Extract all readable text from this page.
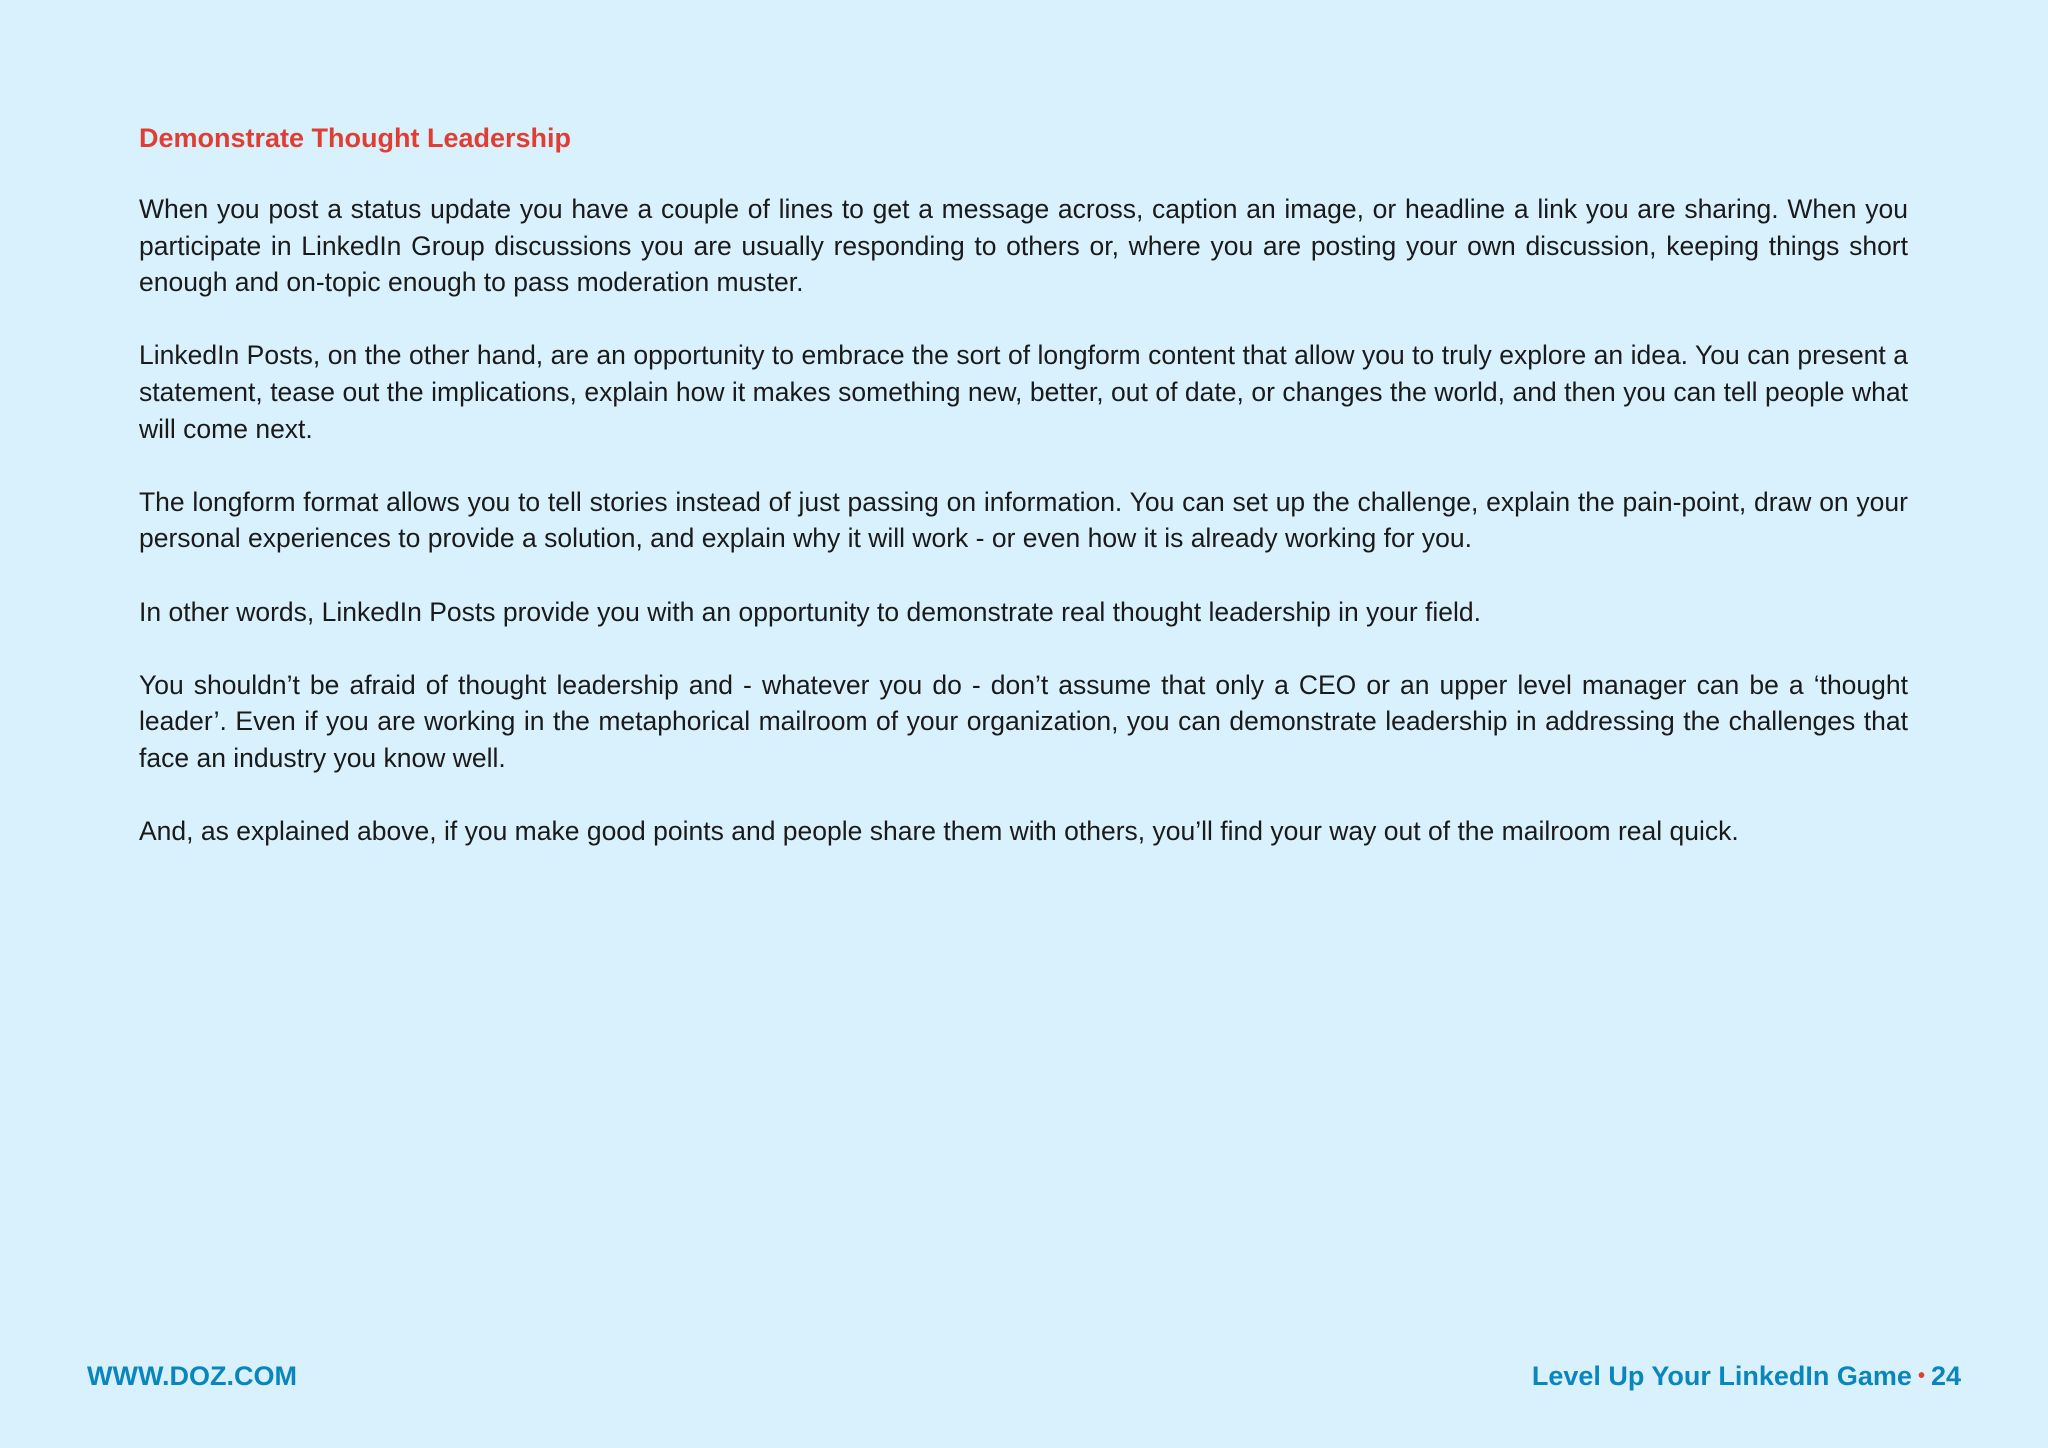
Demonstrate Thought Leadership

When you post a status update you have a couple of lines to get a message across, caption an image, or headline a link you are sharing. When you participate in LinkedIn Group discussions you are usually responding to others or, where you are posting your own discussion, keeping things short enough and on-topic enough to pass moderation muster.

LinkedIn Posts, on the other hand, are an opportunity to embrace the sort of longform content that allow you to truly explore an idea. You can present a statement, tease out the implications, explain how it makes something new, better, out of date, or changes the world, and then you can tell people what will come next.

The longform format allows you to tell stories instead of just passing on information. You can set up the challenge, explain the pain-point, draw on your personal experiences to provide a solution, and explain why it will work - or even how it is already working for you.

In other words, LinkedIn Posts provide you with an opportunity to demonstrate real thought leadership in your field.

You shouldn’t be afraid of thought leadership and - whatever you do - don’t assume that only a CEO or an upper level manager can be a ‘thought leader’. Even if you are working in the metaphorical mailroom of your organization, you can demonstrate leadership in addressing the challenges that face an industry you know well.

And, as explained above, if you make good points and people share them with others, you’ll find your way out of the mailroom real quick.

WWW.DOZ.COM	Level Up Your LinkedIn Game • 24
